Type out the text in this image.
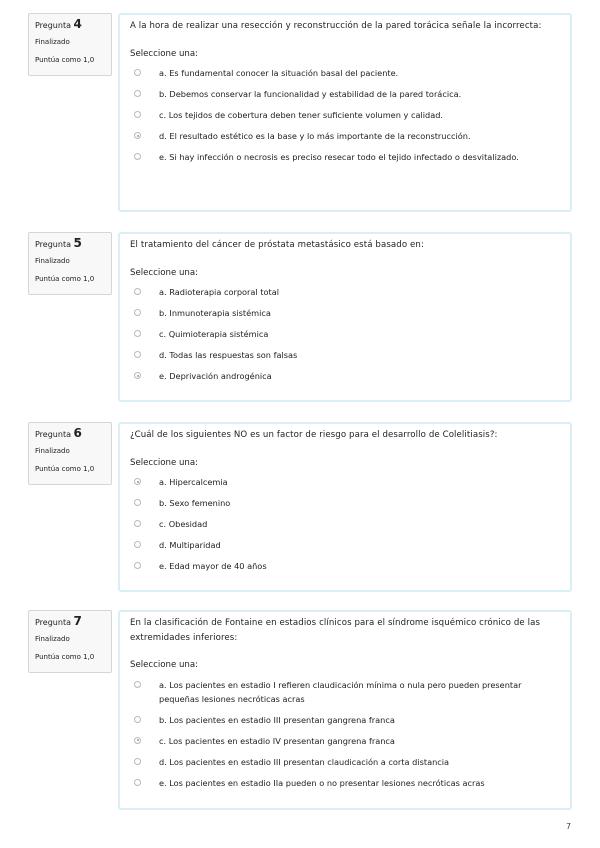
Pregunta 4
Finalizado
Puntúa como 1,0
A la hora de realizar una resección y reconstrucción de la pared torácica señale la incorrecta:
Seleccione una:
a. Es fundamental conocer la situación basal del paciente.
b. Debemos conservar la funcionalidad y estabilidad de la pared torácica.
c. Los tejidos de cobertura deben tener suficiente volumen y calidad.
d. El resultado estético es la base y lo más importante de la reconstrucción.
e. Si hay infección o necrosis es preciso resecar todo el tejido infectado o desvitalizado.
Pregunta 5
Finalizado
Puntúa como 1,0
El tratamiento del cáncer de próstata metastásico está basado en:
Seleccione una:
a. Radioterapia corporal total
b. Inmunoterapia sistémica
c. Quimioterapia sistémica
d. Todas las respuestas son falsas
e. Deprivación androgénica
Pregunta 6
Finalizado
Puntúa como 1,0
¿Cuál de los siguientes NO es un factor de riesgo para el desarrollo de Colelitiasis?:
Seleccione una:
a. Hipercalcemia
b. Sexo femenino
c. Obesidad
d. Multiparidad
e. Edad mayor de 40 años
Pregunta 7
Finalizado
Puntúa como 1,0
En la clasificación de Fontaine en estadios clínicos para el síndrome isquémico crónico de las extremidades inferiores:
Seleccione una:
a. Los pacientes en estadio I refieren claudicación mínima o nula pero pueden presentar pequeñas lesiones necróticas acras
b. Los pacientes en estadio III presentan gangrena franca
c. Los pacientes en estadio IV presentan gangrena franca
d. Los pacientes en estadio III presentan claudicación a corta distancia
e. Los pacientes en estadio IIa pueden o no presentar lesiones necróticas acras
7
